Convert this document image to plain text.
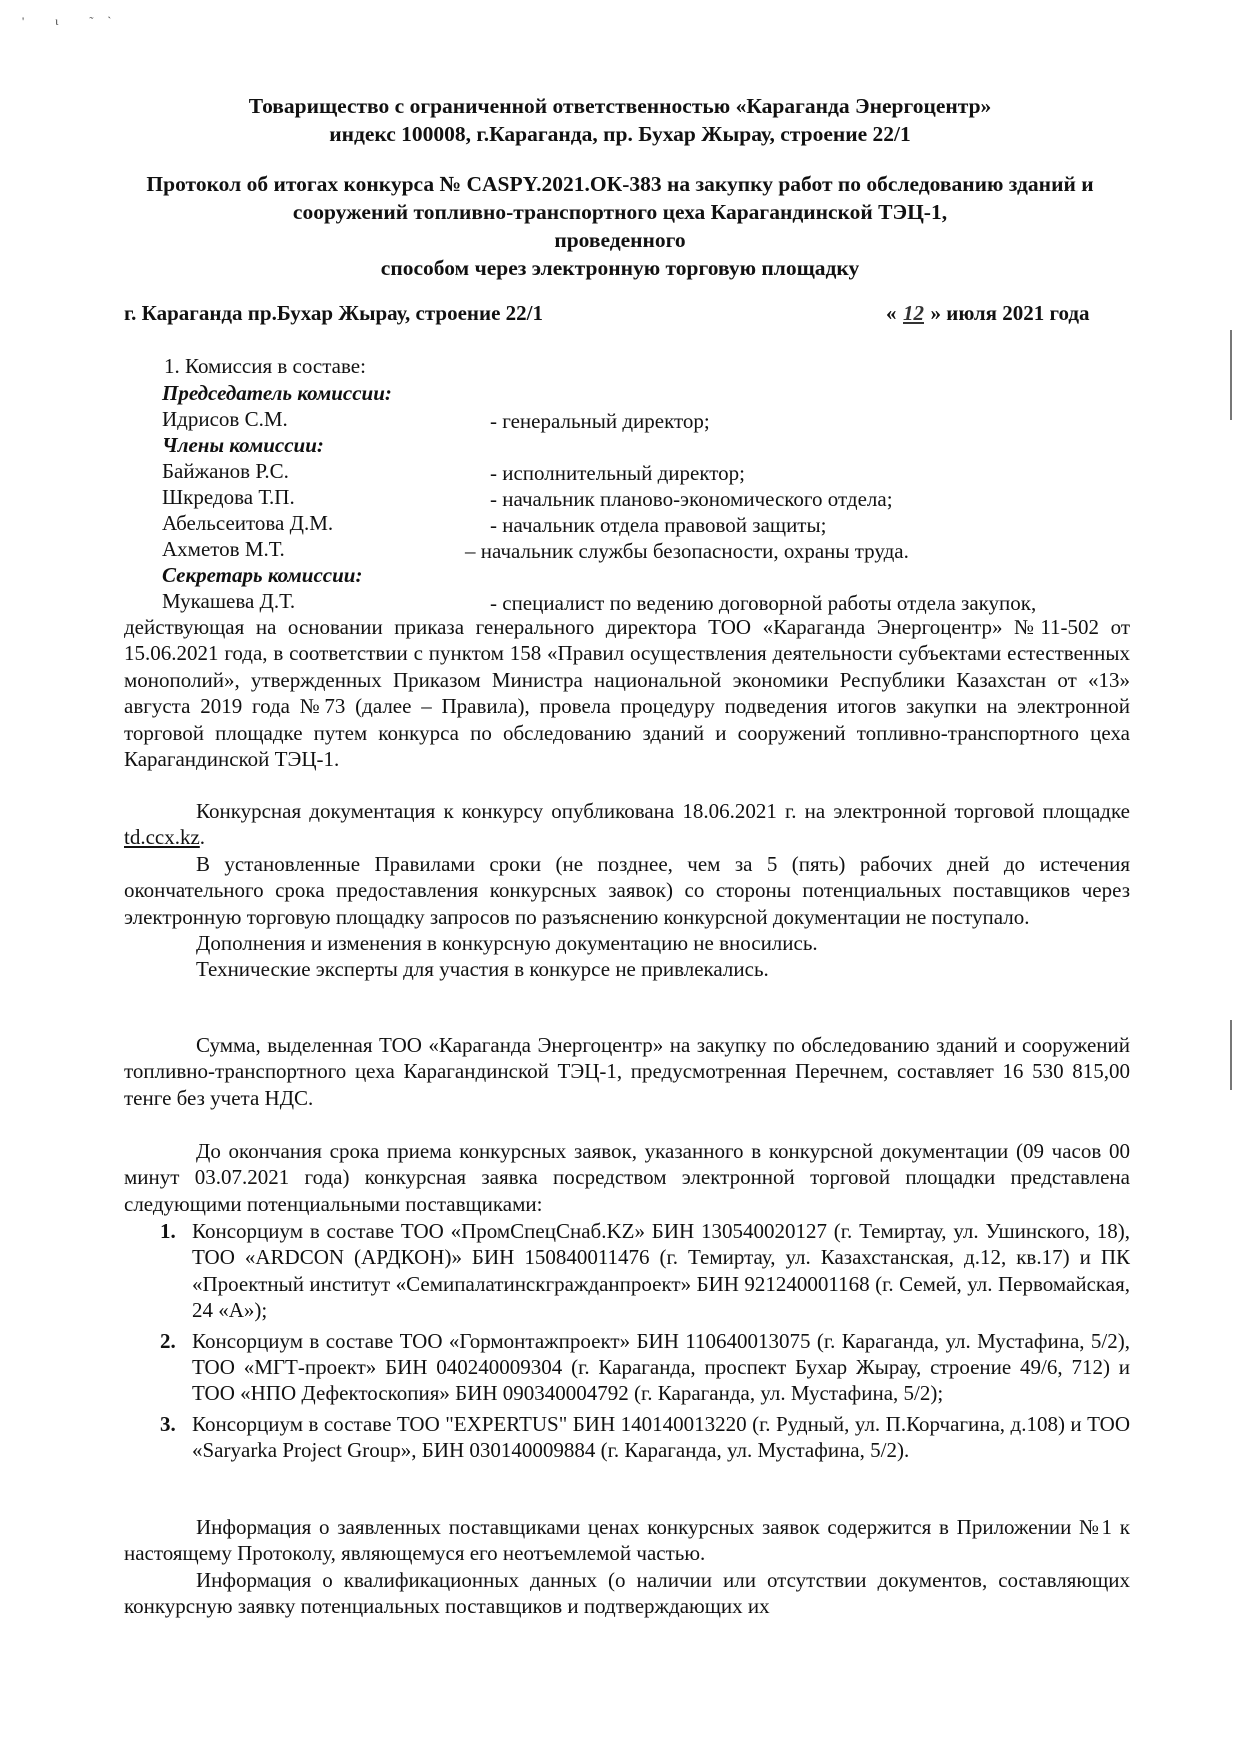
' ι ˜`
Товарищество с ограниченной ответственностью «Караганда Энергоцентр»
индекс 100008, г.Караганда, пр. Бухар Жырау, строение 22/1
Протокол об итогах конкурса № CASPY.2021.ОК-383 на закупку работ по обследованию зданий и
сооружений топливно-транспортного цеха Карагандинской ТЭЦ-1,
проведенного
способом через электронную торговую площадку
г. Караганда пр.Бухар Жырау, строение 22/1	« 12 » июля 2021 года
1. Комиссия в составе:
Председатель комиссии:
Идрисов С.М.	- генеральный директор;
Члены комиссии:
Байжанов Р.С.	- исполнительный директор;
Шкредова Т.П.	- начальник планово-экономического отдела;
Абельсеитова Д.М.	- начальник отдела правовой защиты;
Ахметов М.Т.	– начальник службы безопасности, охраны труда.
Секретарь комиссии:
Мукашева Д.Т.	- специалист по ведению договорной работы отдела закупок,

действующая на основании приказа генерального директора ТОО «Караганда Энергоцентр» №11-502 от 15.06.2021 года, в соответствии с пунктом 158 «Правил осуществления деятельности субъектами естественных монополий», утвержденных Приказом Министра национальной экономики Республики Казахстан от «13» августа 2019 года №73 (далее – Правила), провела процедуру подведения итогов закупки на электронной торговой площадке путем конкурса по обследованию зданий и сооружений топливно-транспортного цеха Карагандинской ТЭЦ-1.

Конкурсная документация к конкурсу опубликована 18.06.2021 г. на электронной торговой площадке td.ccx.kz.

В установленные Правилами сроки (не позднее, чем за 5 (пять) рабочих дней до истечения окончательного срока предоставления конкурсных заявок) со стороны потенциальных поставщиков через электронную торговую площадку запросов по разъяснению конкурсной документации не поступало.

Дополнения и изменения в конкурсную документацию не вносились.

Технические эксперты для участия в конкурсе не привлекались.

Сумма, выделенная ТОО «Караганда Энергоцентр» на закупку по обследованию зданий и сооружений топливно-транспортного цеха Карагандинской ТЭЦ-1, предусмотренная Перечнем, составляет 16 530 815,00 тенге без учета НДС.

До окончания срока приема конкурсных заявок, указанного в конкурсной документации (09 часов 00 минут 03.07.2021 года) конкурсная заявка посредством электронной торговой площадки представлена следующими потенциальными поставщиками:

1. Консорциум в составе ТОО «ПромСпецСнаб.KZ» БИН 130540020127 (г. Темиртау, ул. Ушинского, 18), ТОО «ARDCON (АРДКОН)» БИН 150840011476 (г. Темиртау, ул. Казахстанская, д.12, кв.17) и ПК «Проектный институт «Семипалатинскгражданпроект» БИН 921240001168 (г. Семей, ул. Первомайская, 24 «А»);
2. Консорциум в составе ТОО «Гормонтажпроект» БИН 110640013075 (г. Караганда, ул. Мустафина, 5/2), ТОО «МГТ-проект» БИН 040240009304 (г. Караганда, проспект Бухар Жырау, строение 49/6, 712) и ТОО «НПО Дефектоскопия» БИН 090340004792 (г. Караганда, ул. Мустафина, 5/2);
3. Консорциум в составе ТОО "EXPERTUS" БИН 140140013220 (г. Рудный, ул. П.Корчагина, д.108) и ТОО «Saryarka Project Group», БИН 030140009884 (г. Караганда, ул. Мустафина, 5/2).

Информация о заявленных поставщиками ценах конкурсных заявок содержится в Приложении №1 к настоящему Протоколу, являющемуся его неотъемлемой частью.

Информация о квалификационных данных (о наличии или отсутствии документов, составляющих конкурсную заявку потенциальных поставщиков и подтверждающих их
